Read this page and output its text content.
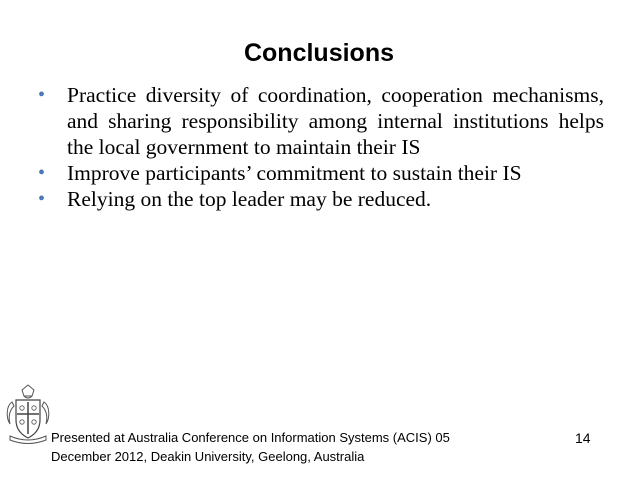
Conclusions
• Practice diversity of coordination, cooperation mechanisms, and sharing responsibility among internal institutions helps the local government to maintain their IS
• Improve participants’ commitment to sustain their IS
• Relying on the top leader may be reduced.
Presented at Australia Conference on Information Systems (ACIS) 05
December 2012, Deakin University, Geelong, Australia
14
